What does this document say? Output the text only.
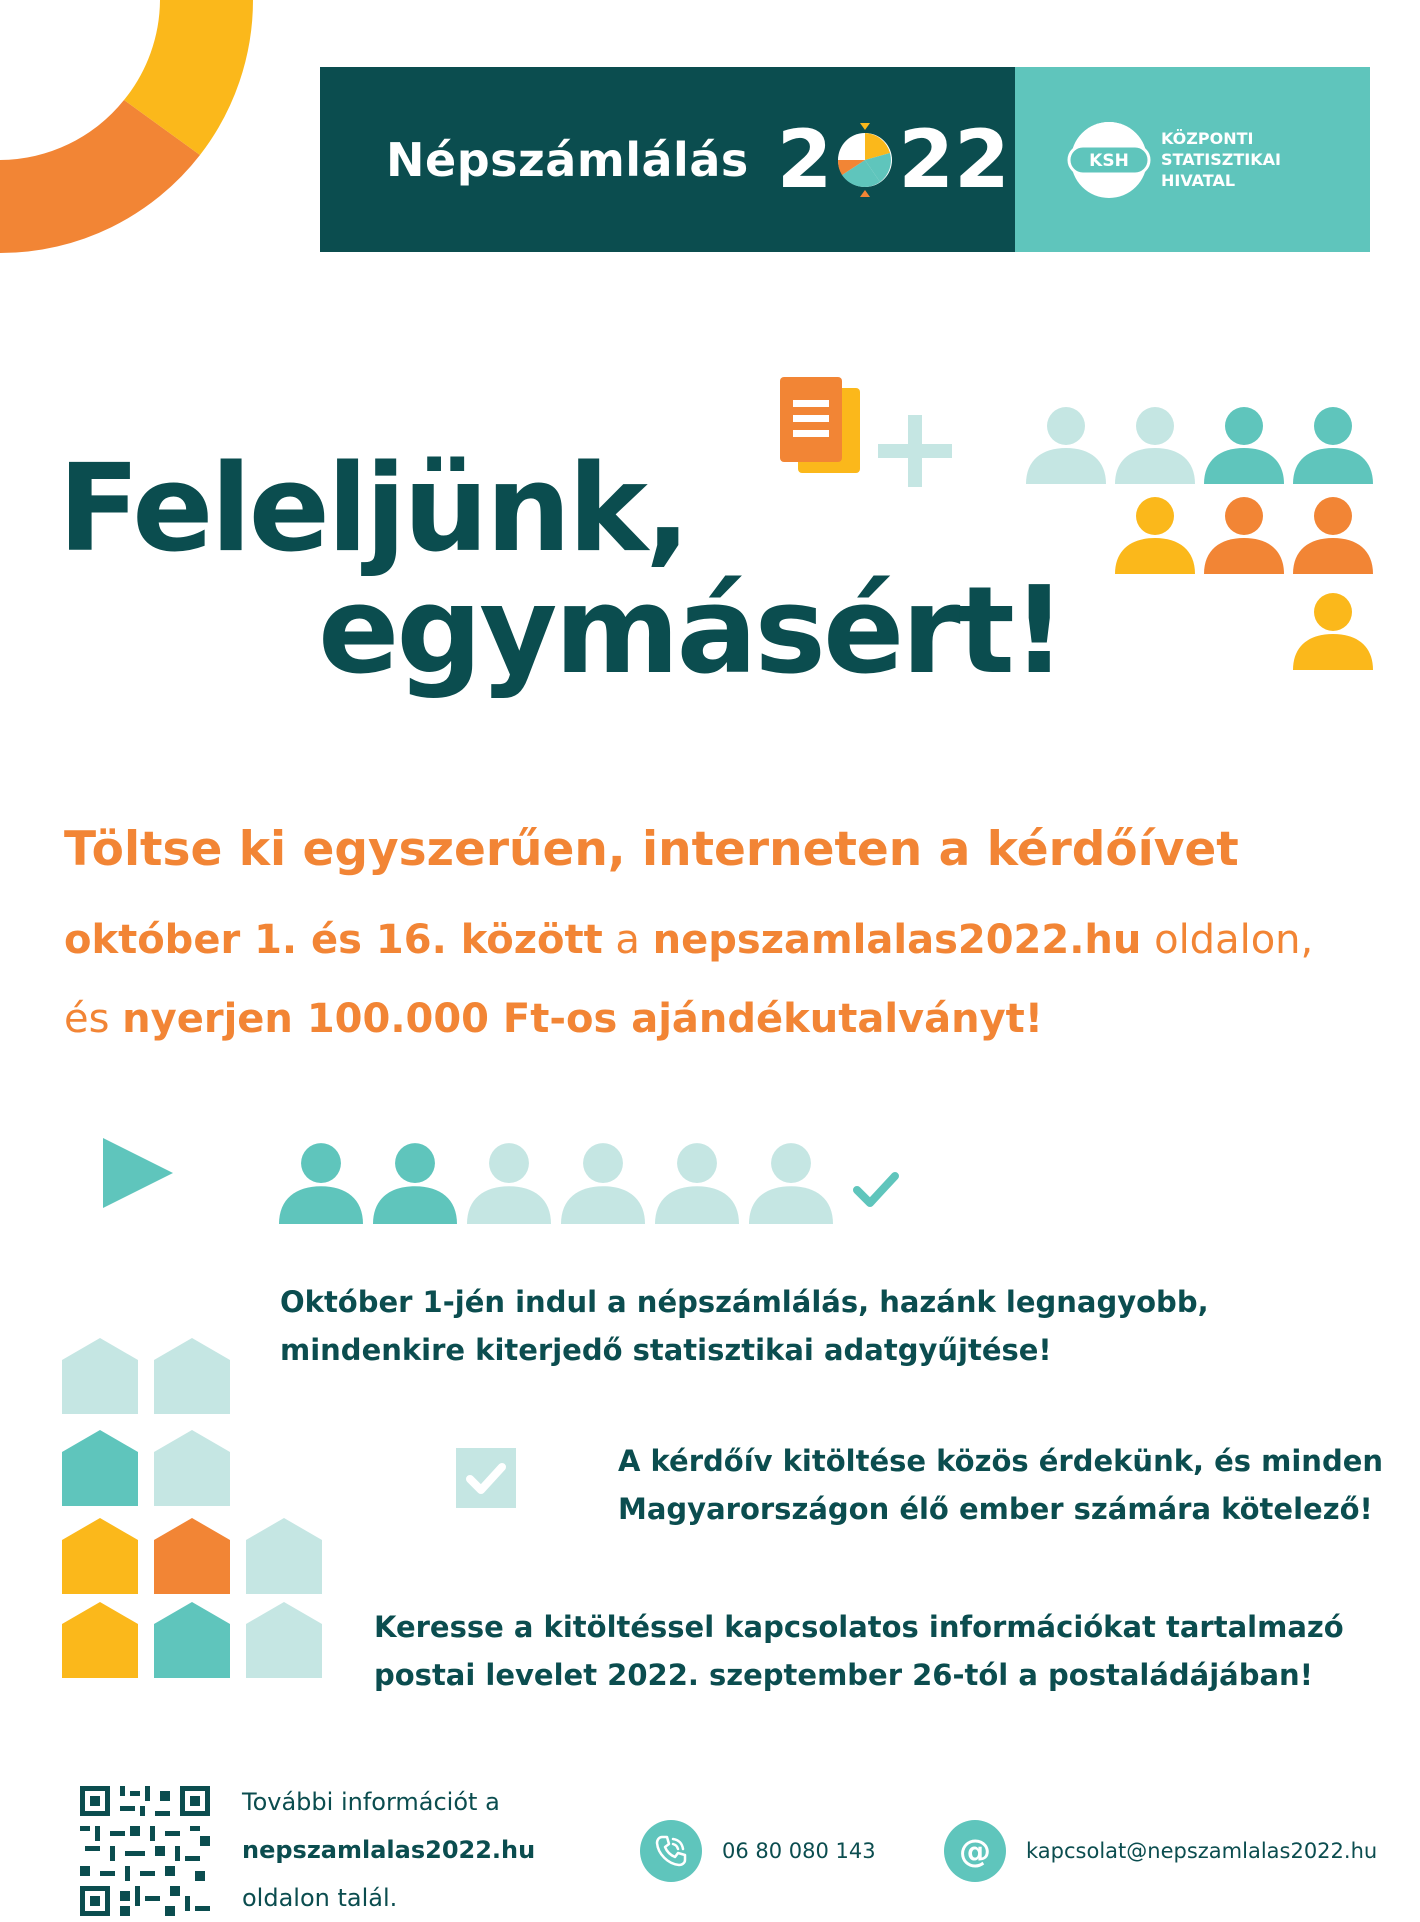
Népszámlálás 2 22	KSH
KÖZPONTI
STATISZTIKAI
HIVATAL
Feleljünk,
egymásért!
Töltse ki egyszerűen, interneten a kérdőívet
október 1. és 16. között a nepszamlalas2022.hu oldalon,
és nyerjen 100.000 Ft-os ajándékutalványt!
Október 1-jén indul a népszámlálás, hazánk legnagyobb,
mindenkire kiterjedő statisztikai adatgyűjtése!
A kérdőív kitöltése közös érdekünk, és minden
Magyarországon élő ember számára kötelező!
Keresse a kitöltéssel kapcsolatos információkat tartalmazó
postai levelet 2022. szeptember 26-tól a postaládájában!
További információt a
nepszamlalas2022.hu
oldalon talál.
06 80 080 143	@	kapcsolat@nepszamlalas2022.hu
